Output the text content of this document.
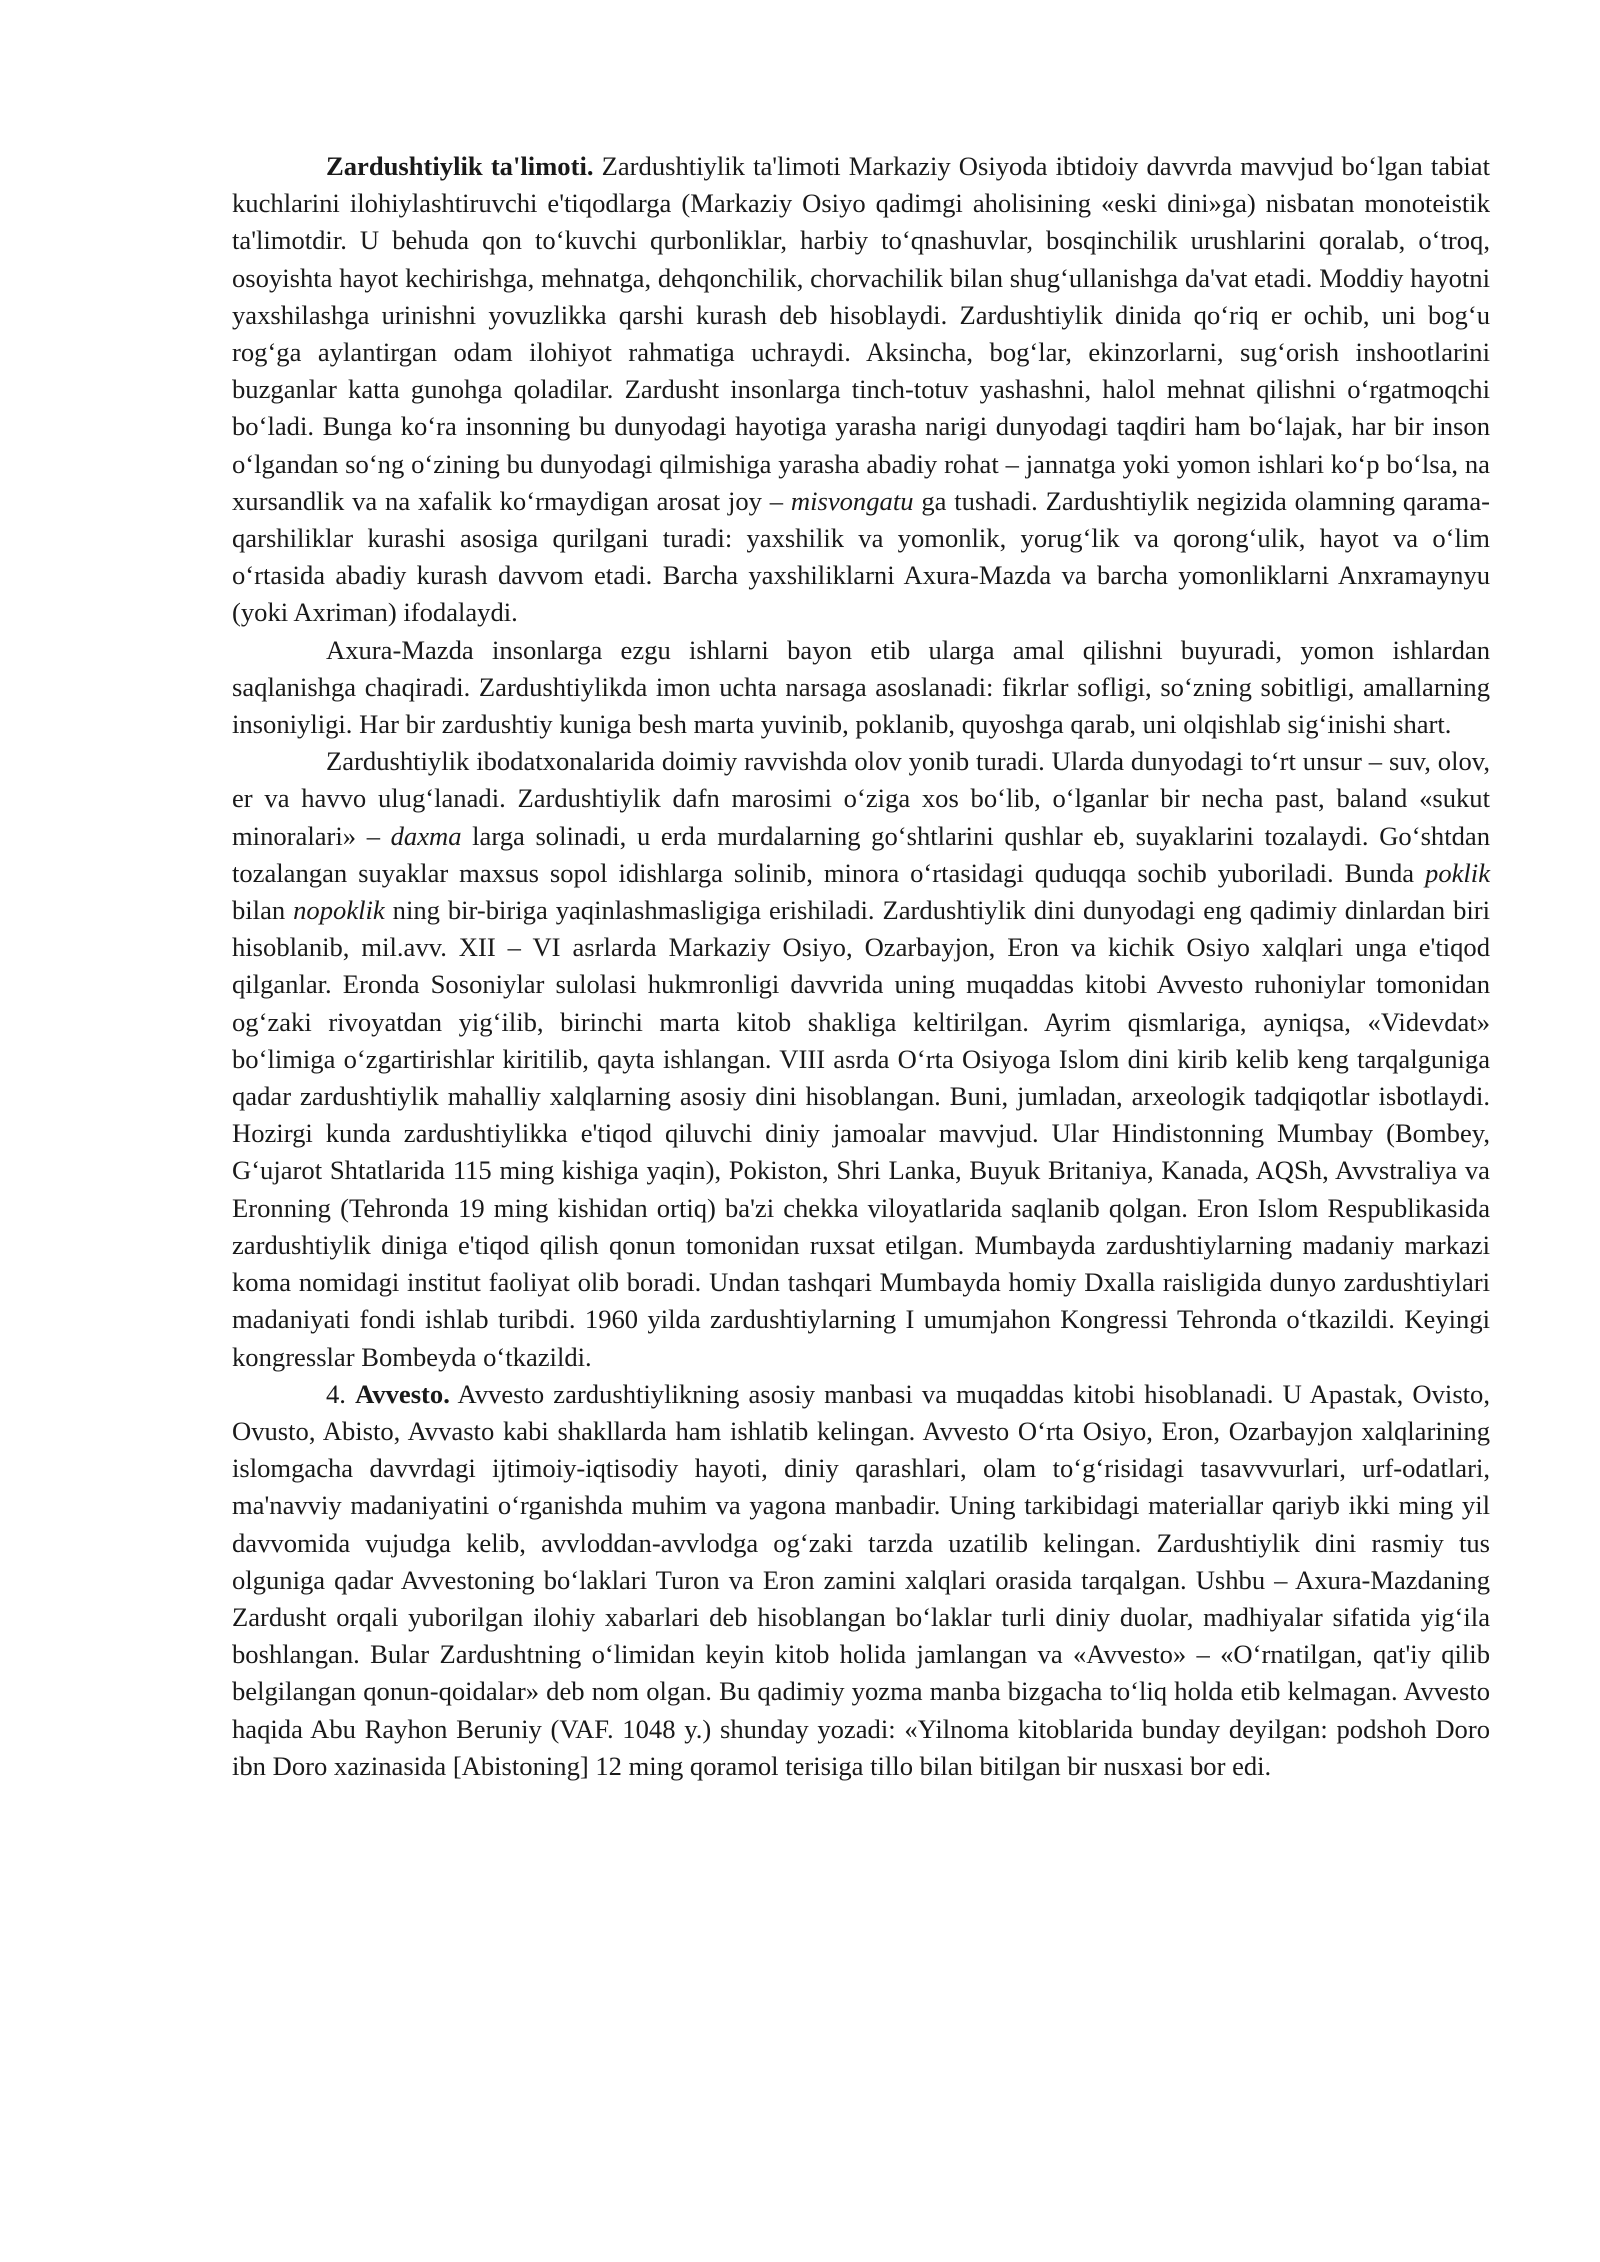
Zardushtiylik ta'limoti. Zardushtiylik ta'limoti Markaziy Osiyoda ibtidoiy davvrda mavvjud bo‘lgan tabiat kuchlarini ilohiylashtiruvchi e'tiqodlarga (Markaziy Osiyo qadimgi aholisining «eski dini»ga) nisbatan monoteistik ta'limotdir. U behuda qon to‘kuvchi qurbonliklar, harbiy to‘qnashuvlar, bosqinchilik urushlarini qoralab, o‘troq, osoyishta hayot kechirishga, mehnatga, dehqonchilik, chorvachilik bilan shug‘ullanishga da'vat etadi. Moddiy hayotni yaxshilashga urinishni yovuzlikka qarshi kurash deb hisoblaydi. Zardushtiylik dinida qo‘riq er ochib, uni bog‘u rog‘ga aylantirgan odam ilohiyot rahmatiga uchraydi. Aksincha, bog‘lar, ekinzorlarni, sug‘orish inshootlarini buzganlar katta gunohga qoladilar. Zardusht insonlarga tinch-totuv yashashni, halol mehnat qilishni o‘rgatmoqchi bo‘ladi. Bunga ko‘ra insonning bu dunyodagi hayotiga yarasha narigi dunyodagi taqdiri ham bo‘lajak, har bir inson o‘lgandan so‘ng o‘zining bu dunyodagi qilmishiga yarasha abadiy rohat – jannatga yoki yomon ishlari ko‘p bo‘lsa, na xursandlik va na xafalik ko‘rmaydigan arosat joy – misvongatu ga tushadi. Zardushtiylik negizida olamning qarama-qarshiliklar kurashi asosiga qurilgani turadi: yaxshilik va yomonlik, yorug‘lik va qorong‘ulik, hayot va o‘lim o‘rtasida abadiy kurash davvom etadi. Barcha yaxshiliklarni Axura-Mazda va barcha yomonliklarni Anxramaynyu (yoki Axriman) ifodalaydi.

Axura-Mazda insonlarga ezgu ishlarni bayon etib ularga amal qilishni buyuradi, yomon ishlardan saqlanishga chaqiradi. Zardushtiylikda imon uchta narsaga asoslanadi: fikrlar sofligi, so‘zning sobitligi, amallarning insoniyligi. Har bir zardushtiy kuniga besh marta yuvinib, poklanib, quyoshga qarab, uni olqishlab sig‘inishi shart.

Zardushtiylik ibodatxonalarida doimiy ravvishda olov yonib turadi. Ularda dunyodagi to‘rt unsur – suv, olov, er va havvo ulug‘lanadi. Zardushtiylik dafn marosimi o‘ziga xos bo‘lib, o‘lganlar bir necha past, baland «sukut minoralari» – daxma larga solinadi, u erda murdalarning go‘shtlarini qushlar eb, suyaklarini tozalaydi. Go‘shtdan tozalangan suyaklar maxsus sopol idishlarga solinib, minora o‘rtasidagi quduqqa sochib yuboriladi. Bunda poklik bilan nopoklik ning bir-biriga yaqinlashmasligiga erishiladi. Zardushtiylik dini dunyodagi eng qadimiy dinlardan biri hisoblanib, mil.avv. XII – VI asrlarda Markaziy Osiyo, Ozarbayjon, Eron va kichik Osiyo xalqlari unga e'tiqod qilganlar. Eronda Sosoniylar sulolasi hukmronligi davvrida uning muqaddas kitobi Avvesto ruhoniylar tomonidan og‘zaki rivoyatdan yig‘ilib, birinchi marta kitob shakliga keltirilgan. Ayrim qismlariga, ayniqsa, «Videvdat» bo‘limiga o‘zgartirishlar kiritilib, qayta ishlangan. VIII asrda O‘rta Osiyoga Islom dini kirib kelib keng tarqalguniga qadar zardushtiylik mahalliy xalqlarning asosiy dini hisoblangan. Buni, jumladan, arxeologik tadqiqotlar isbotlaydi. Hozirgi kunda zardushtiylikka e'tiqod qiluvchi diniy jamoalar mavvjud. Ular Hindistonning Mumbay (Bombey, G‘ujarot Shtatlarida 115 ming kishiga yaqin), Pokiston, Shri Lanka, Buyuk Britaniya, Kanada, AQSh, Avvstraliya va Eronning (Tehronda 19 ming kishidan ortiq) ba'zi chekka viloyatlarida saqlanib qolgan. Eron Islom Respublikasida zardushtiylik diniga e'tiqod qilish qonun tomonidan ruxsat etilgan. Mumbayda zardushtiylarning madaniy markazi koma nomidagi institut faoliyat olib boradi. Undan tashqari Mumbayda homiy Dxalla raisligida dunyo zardushtiylari madaniyati fondi ishlab turibdi. 1960 yilda zardushtiylarning I umumjahon Kongressi Tehronda o‘tkazildi. Keyingi kongresslar Bombeyda o‘tkazildi.

4. Avvesto. Avvesto zardushtiylikning asosiy manbasi va muqaddas kitobi hisoblanadi. U Apastak, Ovisto, Ovusto, Abisto, Avvasto kabi shakllarda ham ishlatib kelingan. Avvesto O‘rta Osiyo, Eron, Ozarbayjon xalqlarining islomgacha davvrdagi ijtimoiy-iqtisodiy hayoti, diniy qarashlari, olam to‘g‘risidagi tasavvvurlari, urf-odatlari, ma'navviy madaniyatini o‘rganishda muhim va yagona manbadir. Uning tarkibidagi materiallar qariyb ikki ming yil davvomida vujudga kelib, avvloddan-avvlodga og‘zaki tarzda uzatilib kelingan. Zardushtiylik dini rasmiy tus olguniga qadar Avvestoning bo‘laklari Turon va Eron zamini xalqlari orasida tarqalgan. Ushbu – Axura-Mazdaning Zardusht orqali yuborilgan ilohiy xabarlari deb hisoblangan bo‘laklar turli diniy duolar, madhiyalar sifatida yig‘ila boshlangan. Bular Zardushtning o‘limidan keyin kitob holida jamlangan va «Avvesto» – «O‘rnatilgan, qat'iy qilib belgilangan qonun-qoidalar» deb nom olgan. Bu qadimiy yozma manba bizgacha to‘liq holda etib kelmagan. Avvesto haqida Abu Rayhon Beruniy (VAF. 1048 y.) shunday yozadi: «Yilnoma kitoblarida bunday deyilgan: podshoh Doro ibn Doro xazinasida [Abistoning] 12 ming qoramol terisiga tillo bilan bitilgan bir nusxasi bor edi.
